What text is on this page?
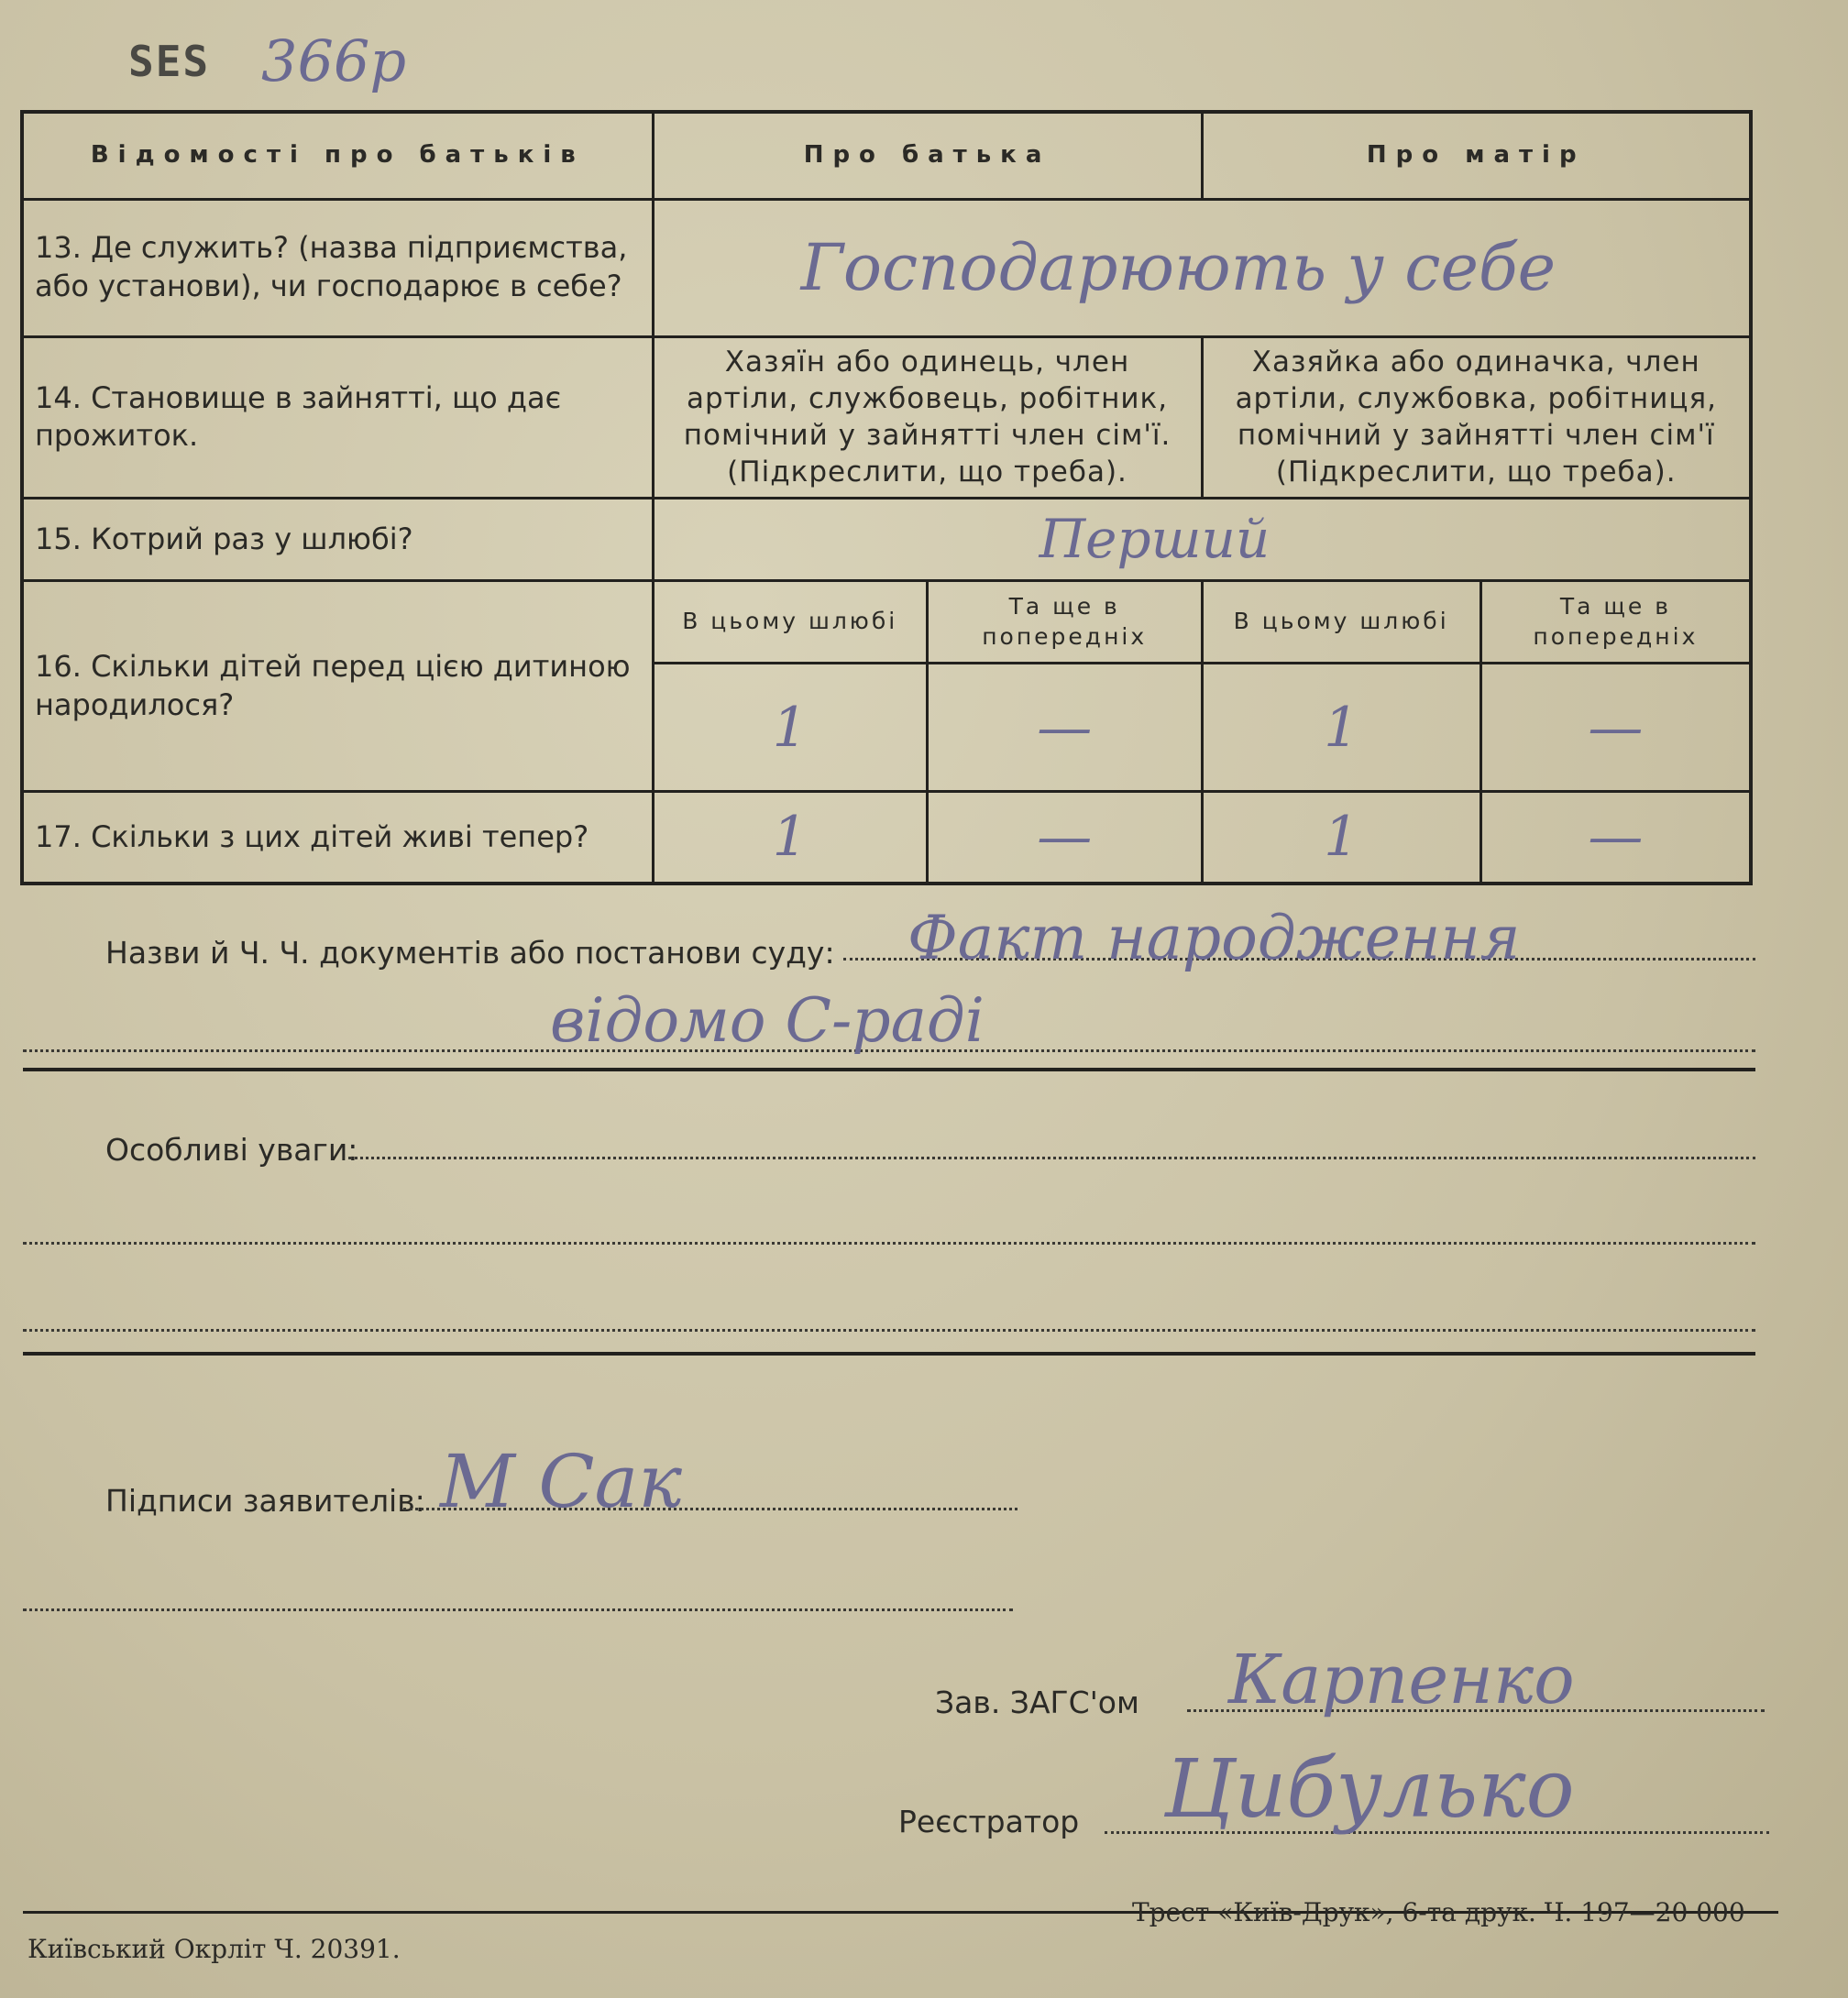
SES 366р
Відомості про батьків	Про батька		Про матір	
13. Де служить? (назва підприємства, або установи), чи господарює в себе?	Господарюють у себе			
14. Становище в зайнятті, що дає прожиток.	Хазяїн або одинець, член артіли, службовець, робітник, помічний у зайнятті член сім'ї. (Підкреслити, що треба).		Хазяйка або одиначка, член артіли, службовка, робітниця, помічний у зайнятті член сім'ї (Підкреслити, що треба).	
15. Котрий раз у шлюбі?	Перший			
16. Скільки дітей перед цією дитиною народилося?	В цьому шлюбі	Та ще в попередніх	В цьому шлюбі	Та ще в попередніх
	1	—	1	—
17. Скільки з цих дітей живі тепер?	1	—	1	—
Назви й Ч. Ч. документів або постанови суду: Факт народження
відомо С-раді
Особливі уваги:
Підписи заявителів: М Сак
Зав. ЗАГС'ом Карпенко
Реєстратор Цибулько
Київський Окрліт Ч. 20391.
Трест «Київ-Друк», 6-та друк. Ч. 197—20 000
